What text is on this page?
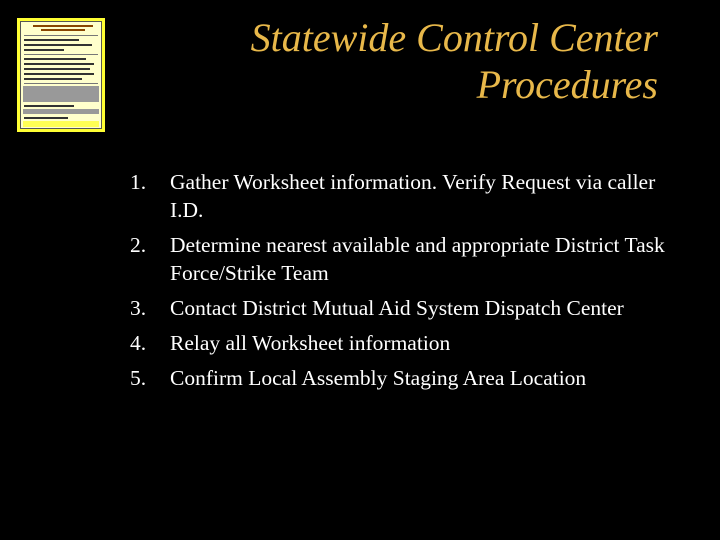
Statewide Control Center
Procedures
1. Gather Worksheet information. Verify Request via caller I.D.
2. Determine nearest available and appropriate District Task Force/Strike Team
3. Contact District Mutual Aid System Dispatch Center
4. Relay all Worksheet information
5. Confirm Local Assembly Staging Area Location
